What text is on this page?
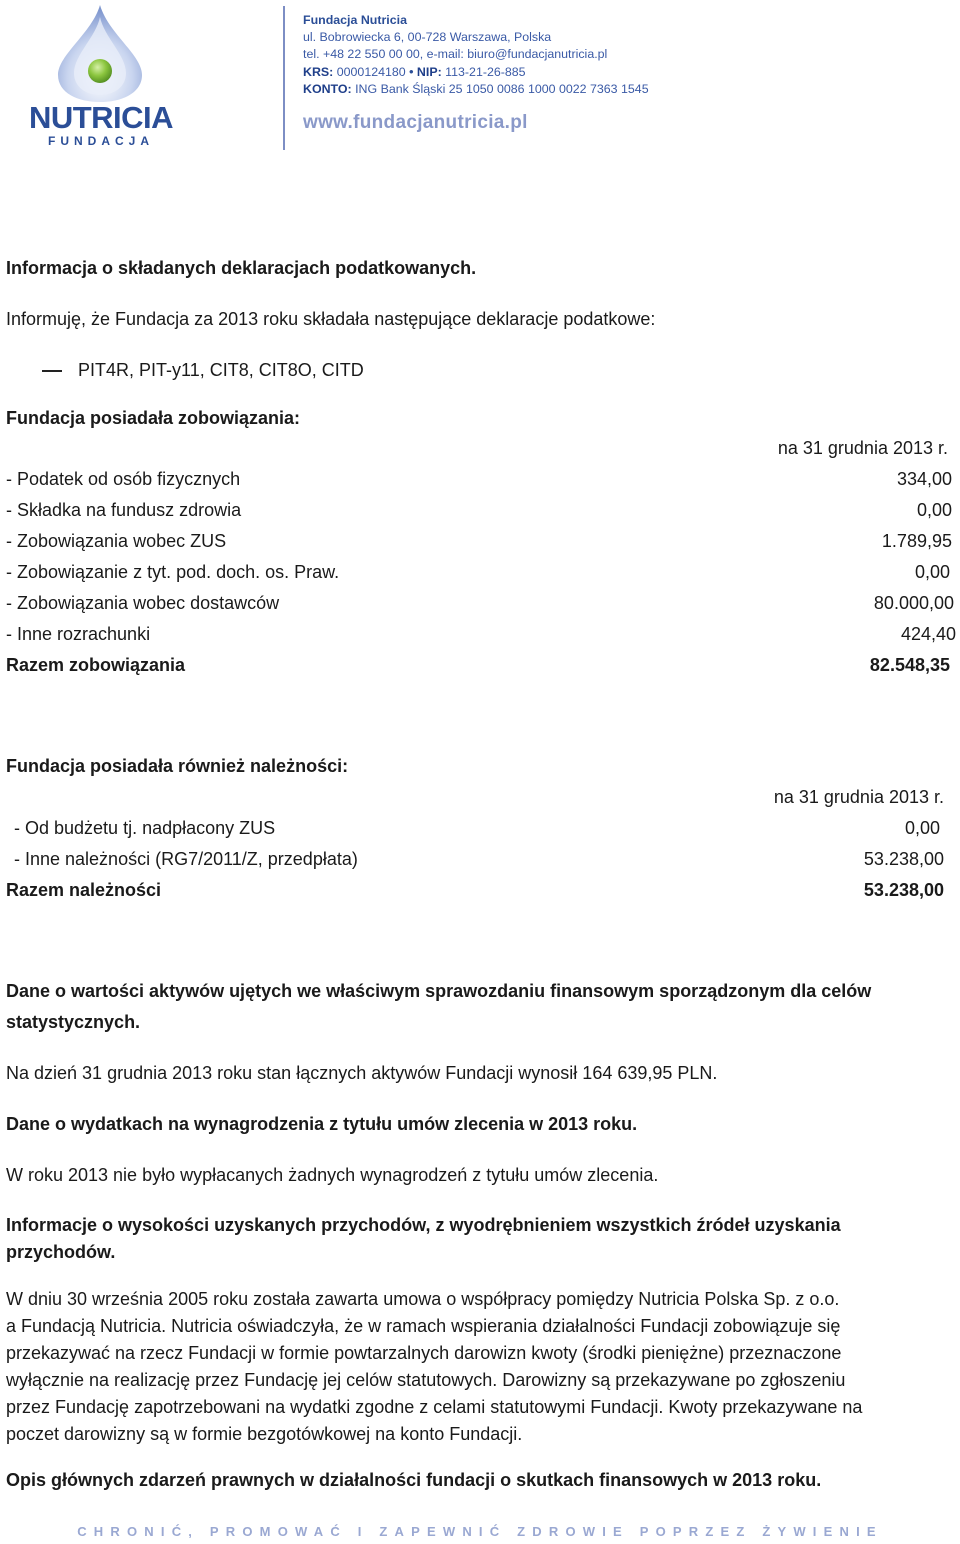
NUTRICIA
FUNDACJA
Fundacja Nutricia
ul. Bobrowiecka 6, 00-728 Warszawa, Polska
tel. +48 22 550 00 00, e-mail: biuro@fundacjanutricia.pl
KRS: 0000124180 • NIP: 113-21-26-885
KONTO: ING Bank Śląski 25 1050 0086 1000 0022 7363 1545
www.fundacjanutricia.pl
Informacja o składanych deklaracjach podatkowanych.
Informuję, że Fundacja za 2013 roku składała następujące deklaracje podatkowe:
PIT4R, PIT-y11, CIT8, CIT8O, CITD
Fundacja posiadała zobowiązania:
na 31 grudnia 2013 r.
- Podatek od osób fizycznych	334,00
- Składka na fundusz zdrowia	0,00
- Zobowiązania wobec ZUS	1.789,95
- Zobowiązanie z tyt. pod. doch. os. Praw.	0,00
- Zobowiązania wobec dostawców	80.000,00
- Inne rozrachunki	424,40
Razem zobowiązania	82.548,35
Fundacja posiadała również należności:
na 31 grudnia 2013 r.
- Od budżetu tj. nadpłacony ZUS	0,00
- Inne należności (RG7/2011/Z, przedpłata)	53.238,00
Razem należności	53.238,00
Dane o wartości aktywów ujętych we właściwym sprawozdaniu finansowym sporządzonym dla celów
statystycznych.
Na dzień 31 grudnia 2013 roku stan łącznych aktywów Fundacji wynosił 164 639,95 PLN.
Dane o wydatkach na wynagrodzenia z tytułu umów zlecenia w 2013 roku.
W roku 2013 nie było wypłacanych żadnych wynagrodzeń z tytułu umów zlecenia.
Informacje o wysokości uzyskanych przychodów, z wyodrębnieniem wszystkich źródeł uzyskania
przychodów.
W dniu 30 września 2005 roku została zawarta umowa o współpracy pomiędzy Nutricia Polska Sp. z o.o.
a Fundacją Nutricia. Nutricia oświadczyła, że w ramach wspierania działalności Fundacji zobowiązuje się
przekazywać na rzecz Fundacji w formie powtarzalnych darowizn kwoty (środki pieniężne) przeznaczone
wyłącznie na realizację przez Fundację jej celów statutowych. Darowizny są przekazywane po zgłoszeniu
przez Fundację zapotrzebowani na wydatki zgodne z celami statutowymi Fundacji. Kwoty przekazywane na
poczet darowizny są w formie bezgotówkowej na konto Fundacji.
Opis głównych zdarzeń prawnych w działalności fundacji o skutkach finansowych w 2013 roku.
CHRONIĆ, PROMOWAĆ I ZAPEWNIĆ ZDROWIE POPRZEZ ŻYWIENIE
